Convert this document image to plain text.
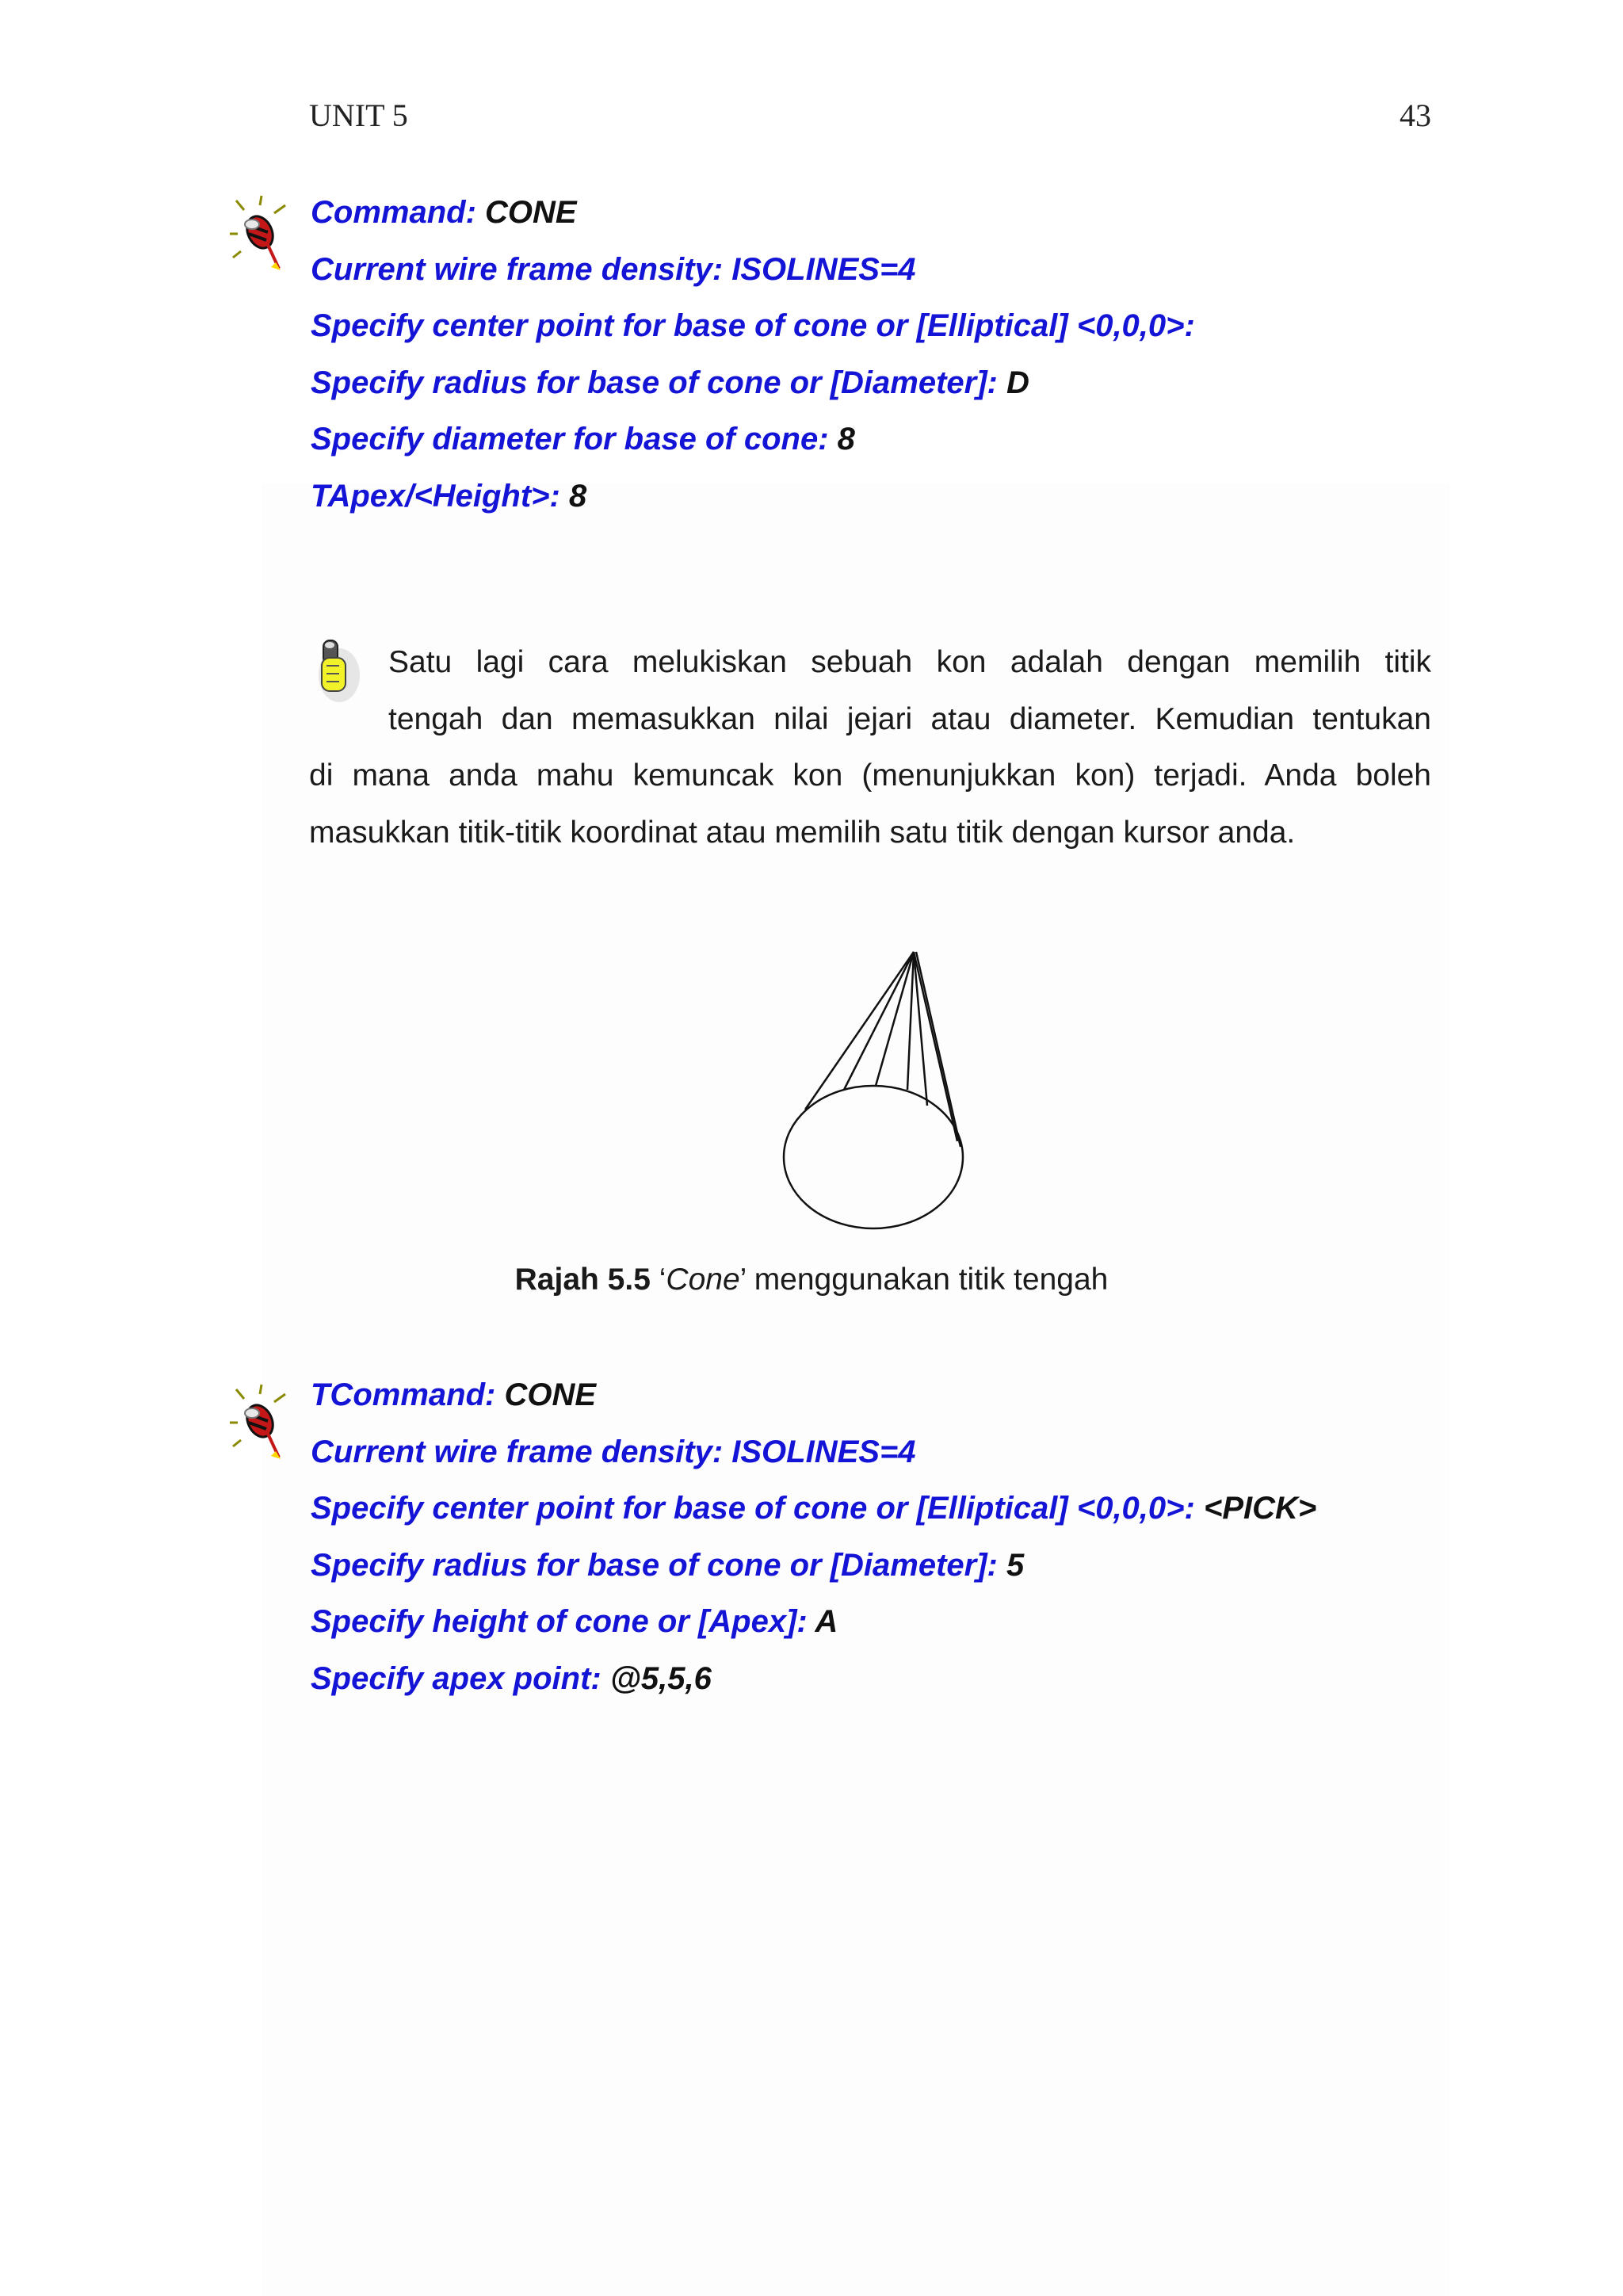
UNIT 5	43
Command: CONE
Current wire frame density: ISOLINES=4
Specify center point for base of cone or [Elliptical] <0,0,0>:
Specify radius for base of cone or [Diameter]: D
Specify diameter for base of cone: 8
TApex/<Height>: 8
Satu lagi cara melukiskan sebuah kon adalah dengan memilih titik
tengah dan memasukkan nilai jejari atau diameter. Kemudian tentukan
di mana anda mahu kemuncak kon (menunjukkan kon) terjadi. Anda boleh
masukkan titik-titik koordinat atau memilih satu titik dengan kursor anda.
Rajah 5.5 ‘Cone’ menggunakan titik tengah
TCommand: CONE
Current wire frame density: ISOLINES=4
Specify center point for base of cone or [Elliptical] <0,0,0>: <PICK>
Specify radius for base of cone or [Diameter]: 5
Specify height of cone or [Apex]: A
Specify apex point: @5,5,6
